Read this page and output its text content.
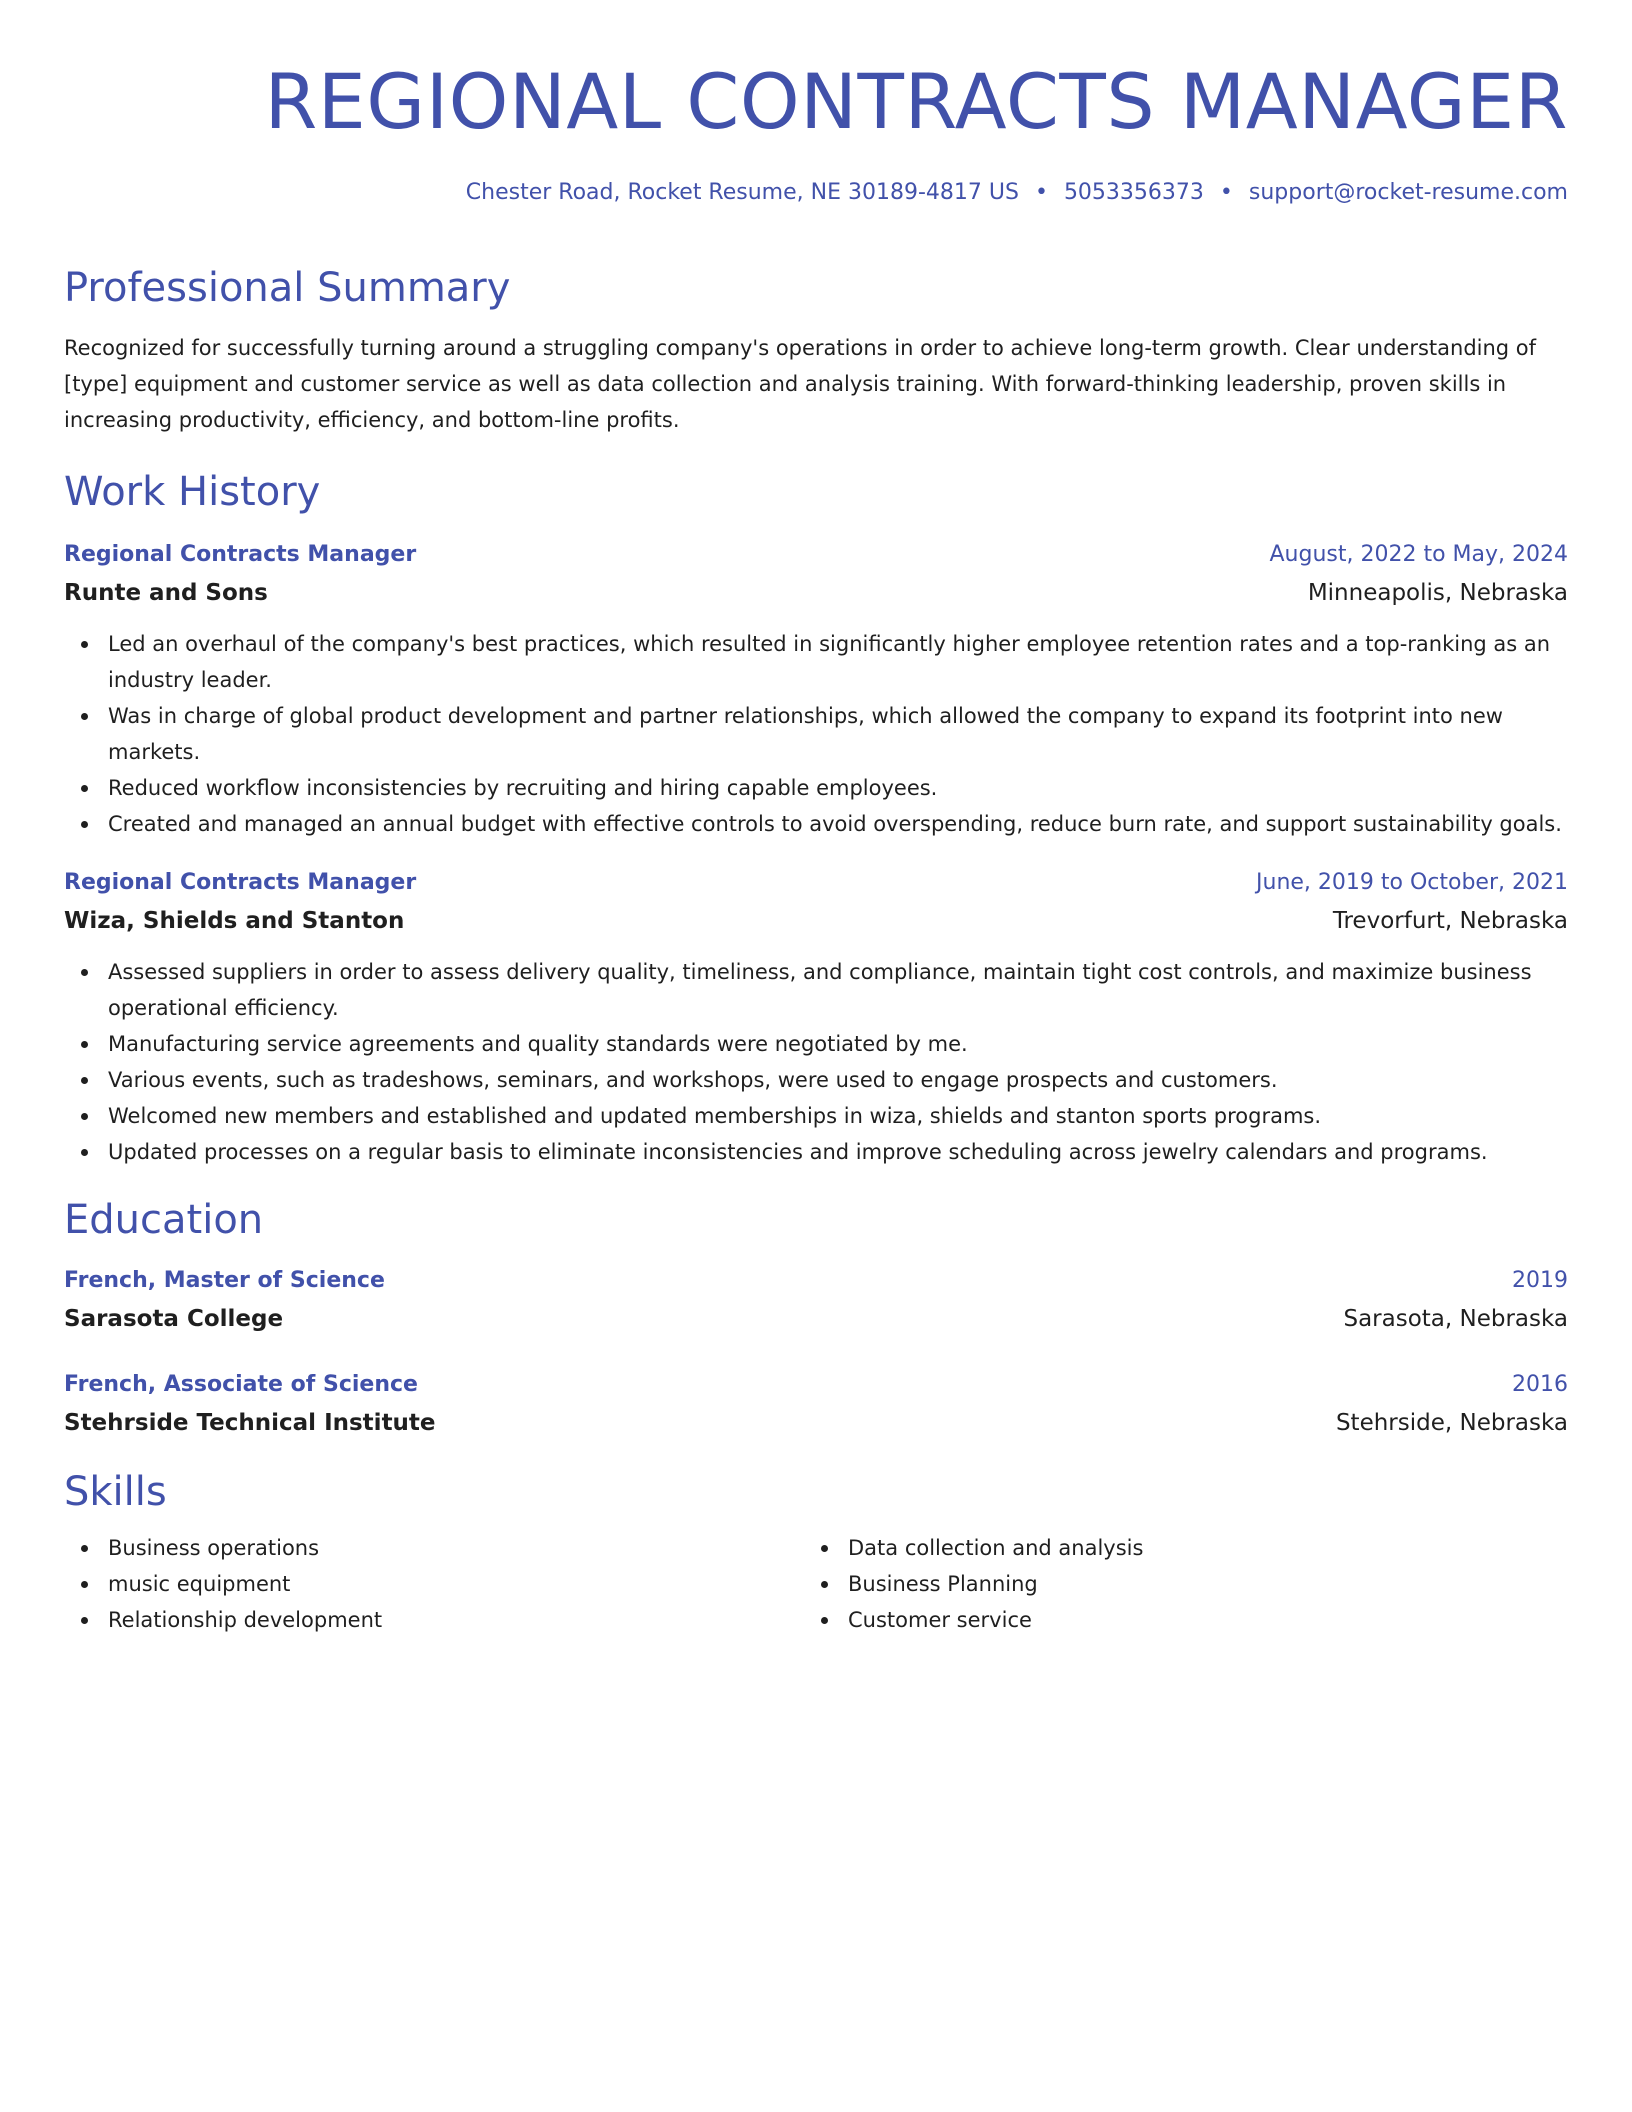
REGIONAL CONTRACTS MANAGER
Chester Road, Rocket Resume, NE 30189-4817 US • 5053356373 • support@rocket-resume.com
Professional Summary

Recognized for successfully turning around a struggling company's operations in order to achieve long-term growth. Clear understanding of [type] equipment and customer service as well as data collection and analysis training. With forward-thinking leadership, proven skills in increasing productivity, efficiency, and bottom-line profits.

Work History
Regional Contracts Manager	August, 2022 to May, 2024
Runte and Sons	Minneapolis, Nebraska
Led an overhaul of the company's best practices, which resulted in significantly higher employee retention rates and a top-ranking as an industry leader.
Was in charge of global product development and partner relationships, which allowed the company to expand its footprint into new markets.
Reduced workflow inconsistencies by recruiting and hiring capable employees.
Created and managed an annual budget with effective controls to avoid overspending, reduce burn rate, and support sustainability goals.
Regional Contracts Manager	June, 2019 to October, 2021
Wiza, Shields and Stanton	Trevorfurt, Nebraska
Assessed suppliers in order to assess delivery quality, timeliness, and compliance, maintain tight cost controls, and maximize business operational efficiency.
Manufacturing service agreements and quality standards were negotiated by me.
Various events, such as tradeshows, seminars, and workshops, were used to engage prospects and customers.
Welcomed new members and established and updated memberships in wiza, shields and stanton sports programs.
Updated processes on a regular basis to eliminate inconsistencies and improve scheduling across jewelry calendars and programs.
Education
French, Master of Science	2019
Sarasota College	Sarasota, Nebraska
French, Associate of Science	2016
Stehrside Technical Institute	Stehrside, Nebraska
Skills
Business operations
music equipment
Relationship development
Data collection and analysis
Business Planning
Customer service
